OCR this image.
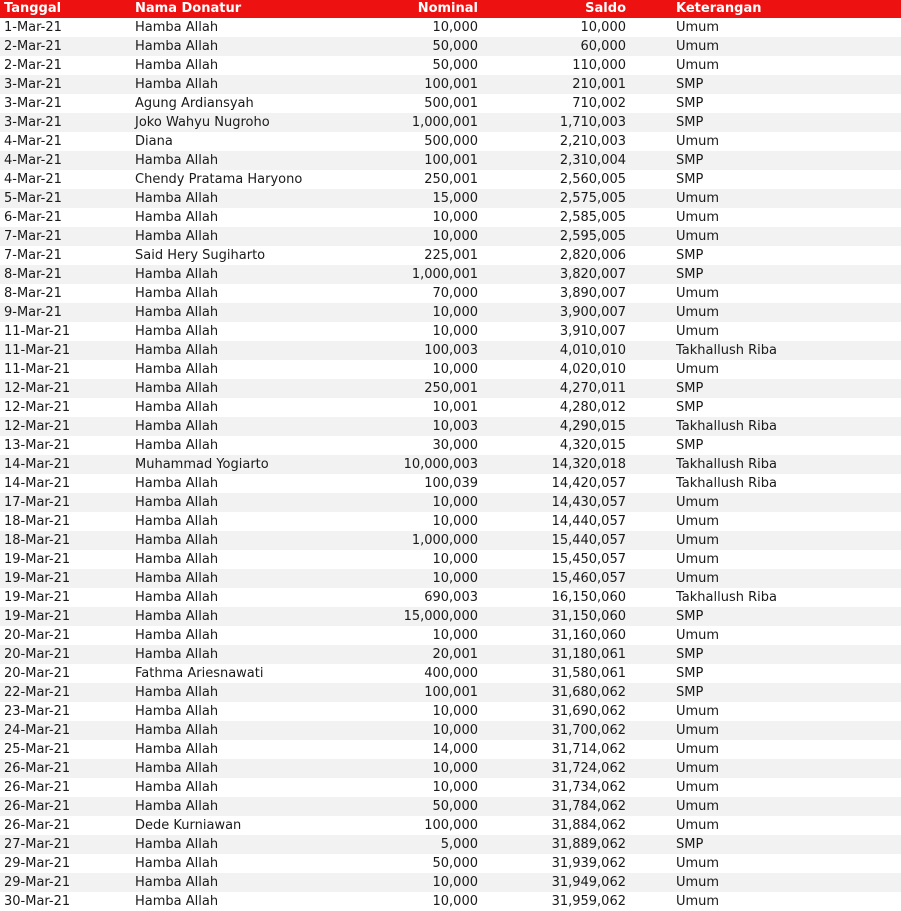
Tanggal	Nama Donatur	Nominal	Saldo	Keterangan
1-Mar-21	Hamba Allah	10,000	10,000	Umum
2-Mar-21	Hamba Allah	50,000	60,000	Umum
2-Mar-21	Hamba Allah	50,000	110,000	Umum
3-Mar-21	Hamba Allah	100,001	210,001	SMP
3-Mar-21	Agung Ardiansyah	500,001	710,002	SMP
3-Mar-21	Joko Wahyu Nugroho	1,000,001	1,710,003	SMP
4-Mar-21	Diana	500,000	2,210,003	Umum
4-Mar-21	Hamba Allah	100,001	2,310,004	SMP
4-Mar-21	Chendy Pratama Haryono	250,001	2,560,005	SMP
5-Mar-21	Hamba Allah	15,000	2,575,005	Umum
6-Mar-21	Hamba Allah	10,000	2,585,005	Umum
7-Mar-21	Hamba Allah	10,000	2,595,005	Umum
7-Mar-21	Said Hery Sugiharto	225,001	2,820,006	SMP
8-Mar-21	Hamba Allah	1,000,001	3,820,007	SMP
8-Mar-21	Hamba Allah	70,000	3,890,007	Umum
9-Mar-21	Hamba Allah	10,000	3,900,007	Umum
11-Mar-21	Hamba Allah	10,000	3,910,007	Umum
11-Mar-21	Hamba Allah	100,003	4,010,010	Takhallush Riba
11-Mar-21	Hamba Allah	10,000	4,020,010	Umum
12-Mar-21	Hamba Allah	250,001	4,270,011	SMP
12-Mar-21	Hamba Allah	10,001	4,280,012	SMP
12-Mar-21	Hamba Allah	10,003	4,290,015	Takhallush Riba
13-Mar-21	Hamba Allah	30,000	4,320,015	SMP
14-Mar-21	Muhammad Yogiarto	10,000,003	14,320,018	Takhallush Riba
14-Mar-21	Hamba Allah	100,039	14,420,057	Takhallush Riba
17-Mar-21	Hamba Allah	10,000	14,430,057	Umum
18-Mar-21	Hamba Allah	10,000	14,440,057	Umum
18-Mar-21	Hamba Allah	1,000,000	15,440,057	Umum
19-Mar-21	Hamba Allah	10,000	15,450,057	Umum
19-Mar-21	Hamba Allah	10,000	15,460,057	Umum
19-Mar-21	Hamba Allah	690,003	16,150,060	Takhallush Riba
19-Mar-21	Hamba Allah	15,000,000	31,150,060	SMP
20-Mar-21	Hamba Allah	10,000	31,160,060	Umum
20-Mar-21	Hamba Allah	20,001	31,180,061	SMP
20-Mar-21	Fathma Ariesnawati	400,000	31,580,061	SMP
22-Mar-21	Hamba Allah	100,001	31,680,062	SMP
23-Mar-21	Hamba Allah	10,000	31,690,062	Umum
24-Mar-21	Hamba Allah	10,000	31,700,062	Umum
25-Mar-21	Hamba Allah	14,000	31,714,062	Umum
26-Mar-21	Hamba Allah	10,000	31,724,062	Umum
26-Mar-21	Hamba Allah	10,000	31,734,062	Umum
26-Mar-21	Hamba Allah	50,000	31,784,062	Umum
26-Mar-21	Dede Kurniawan	100,000	31,884,062	Umum
27-Mar-21	Hamba Allah	5,000	31,889,062	SMP
29-Mar-21	Hamba Allah	50,000	31,939,062	Umum
29-Mar-21	Hamba Allah	10,000	31,949,062	Umum
30-Mar-21	Hamba Allah	10,000	31,959,062	Umum
